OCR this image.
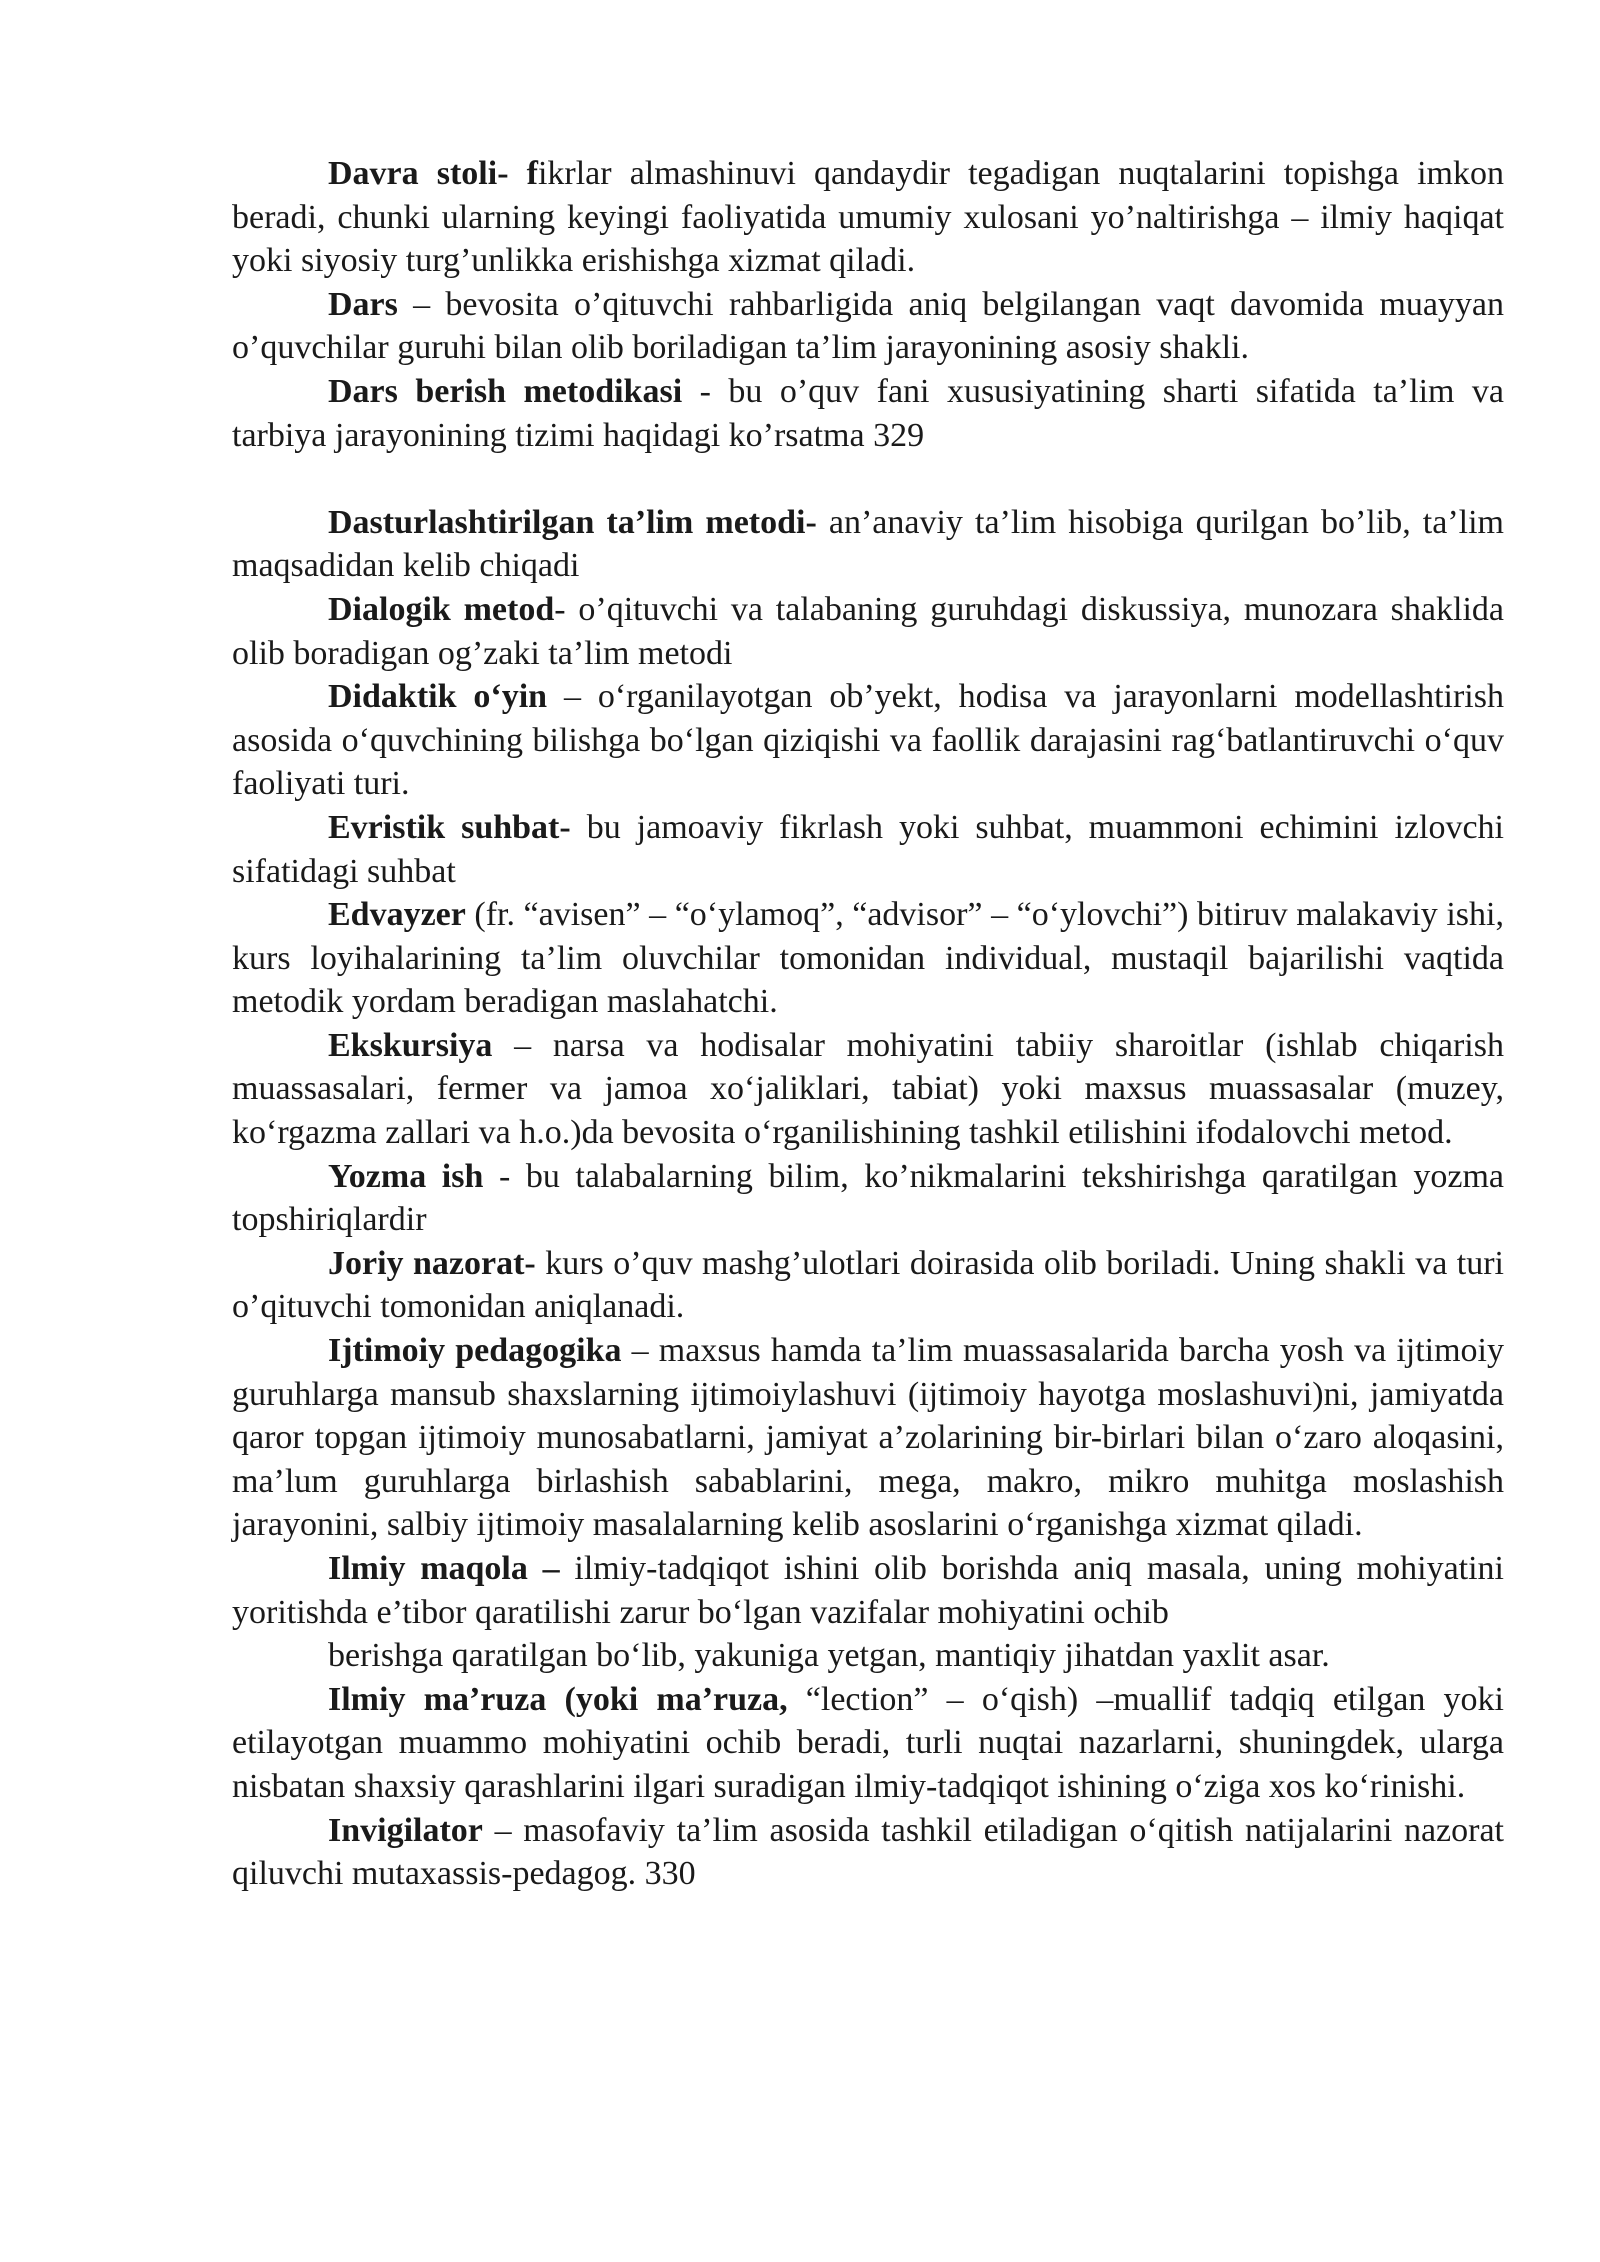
Davra stoli- fikrlar almashinuvi qandaydir tegadigan nuqtalarini topishga imkon beradi, chunki ularning keyingi faoliyatida umumiy xulosani yo’naltirishga – ilmiy haqiqat yoki siyosiy turg’unlikka erishishga xizmat qiladi.

Dars – bevosita o’qituvchi rahbarligida aniq belgilangan vaqt davomida muayyan o’quvchilar guruhi bilan olib boriladigan ta’lim jarayonining asosiy shakli.

Dars berish metodikasi - bu o’quv fani xususiyatining sharti sifatida ta’lim va tarbiya jarayonining tizimi haqidagi ko’rsatma 329

Dasturlashtirilgan ta’lim metodi- an’anaviy ta’lim hisobiga qurilgan bo’lib, ta’lim maqsadidan kelib chiqadi

Dialogik metod- o’qituvchi va talabaning guruhdagi diskussiya, munozara shaklida olib boradigan og’zaki ta’lim metodi

Didaktik o‘yin – o‘rganilayotgan ob’yekt, hodisa va jarayonlarni modellashtirish asosida o‘quvchining bilishga bo‘lgan qiziqishi va faollik darajasini rag‘batlantiruvchi o‘quv faoliyati turi.

Evristik suhbat- bu jamoaviy fikrlash yoki suhbat, muammoni echimini izlovchi sifatidagi suhbat

Edvayzer (fr. “avisen” – “o‘ylamoq”, “advisor” – “o‘ylovchi”) bitiruv malakaviy ishi, kurs loyihalarining ta’lim oluvchilar tomonidan individual, mustaqil bajarilishi vaqtida metodik yordam beradigan maslahatchi.

Ekskursiya – narsa va hodisalar mohiyatini tabiiy sharoitlar (ishlab chiqarish muassasalari, fermer va jamoa xo‘jaliklari, tabiat) yoki maxsus muassasalar (muzey, ko‘rgazma zallari va h.o.)da bevosita o‘rganilishining tashkil etilishini ifodalovchi metod.

Yozma ish - bu talabalarning bilim, ko’nikmalarini tekshirishga qaratilgan yozma topshiriqlardir

Joriy nazorat- kurs o’quv mashg’ulotlari doirasida olib boriladi. Uning shakli va turi o’qituvchi tomonidan aniqlanadi.

Ijtimoiy pedagogika – maxsus hamda ta’lim muassasalarida barcha yosh va ijtimoiy guruhlarga mansub shaxslarning ijtimoiylashuvi (ijtimoiy hayotga moslashuvi)ni, jamiyatda qaror topgan ijtimoiy munosabatlarni, jamiyat a’zolarining bir-birlari bilan o‘zaro aloqasini, ma’lum guruhlarga birlashish sabablarini, mega, makro, mikro muhitga moslashish jarayonini, salbiy ijtimoiy masalalarning kelib asoslarini o‘rganishga xizmat qiladi.

Ilmiy maqola – ilmiy-tadqiqot ishini olib borishda aniq masala, uning mohiyatini yoritishda e’tibor qaratilishi zarur bo‘lgan vazifalar mohiyatini ochib

berishga qaratilgan bo‘lib, yakuniga yetgan, mantiqiy jihatdan yaxlit asar.

Ilmiy ma’ruza (yoki ma’ruza, “lection” – o‘qish) –muallif tadqiq etilgan yoki etilayotgan muammo mohiyatini ochib beradi, turli nuqtai nazarlarni, shuningdek, ularga nisbatan shaxsiy qarashlarini ilgari suradigan ilmiy-tadqiqot ishining o‘ziga xos ko‘rinishi.

Invigilator – masofaviy ta’lim asosida tashkil etiladigan o‘qitish natijalarini nazorat qiluvchi mutaxassis-pedagog. 330
